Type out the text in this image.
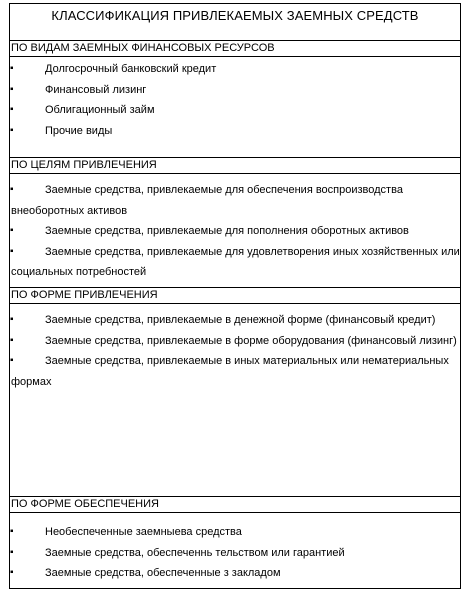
КЛАССИФИКАЦИЯ ПРИВЛЕКАЕМЫХ ЗАЕМНЫХ СРЕДСТВ
ПО ВИДАМ ЗАЕМНЫХ ФИНАНСОВЫХ РЕСУРСОВ
▪	Долгосрочный банковский кредит
▪	Финансовый лизинг
▪	Облигационный займ
▪	Прочие виды
ПО ЦЕЛЯМ ПРИВЛЕЧЕНИЯ
▪	Заемные средства, привлекаемые для обеспечения воспроизводства внеоборотных активов
▪	Заемные средства, привлекаемые для пополнения оборотных активов
▪	Заемные средства, привлекаемые для удовлетворения иных хозяйственных или социальных потребностей
ПО ФОРМЕ ПРИВЛЕЧЕНИЯ
▪	Заемные средства, привлекаемые в денежной форме (финансовый кредит)
▪	Заемные средства, привлекаемые в форме оборудования (финансовый лизинг)
▪	Заемные средства, привлекаемые в иных материальных или нематериальных формах
ПО ФОРМЕ ОБЕСПЕЧЕНИЯ
▪	Необеспеченные заемныева средства
▪	Заемные средства, обеспеченнь тельством или гарантией
▪	Заемные средства, обеспеченные з закладом
